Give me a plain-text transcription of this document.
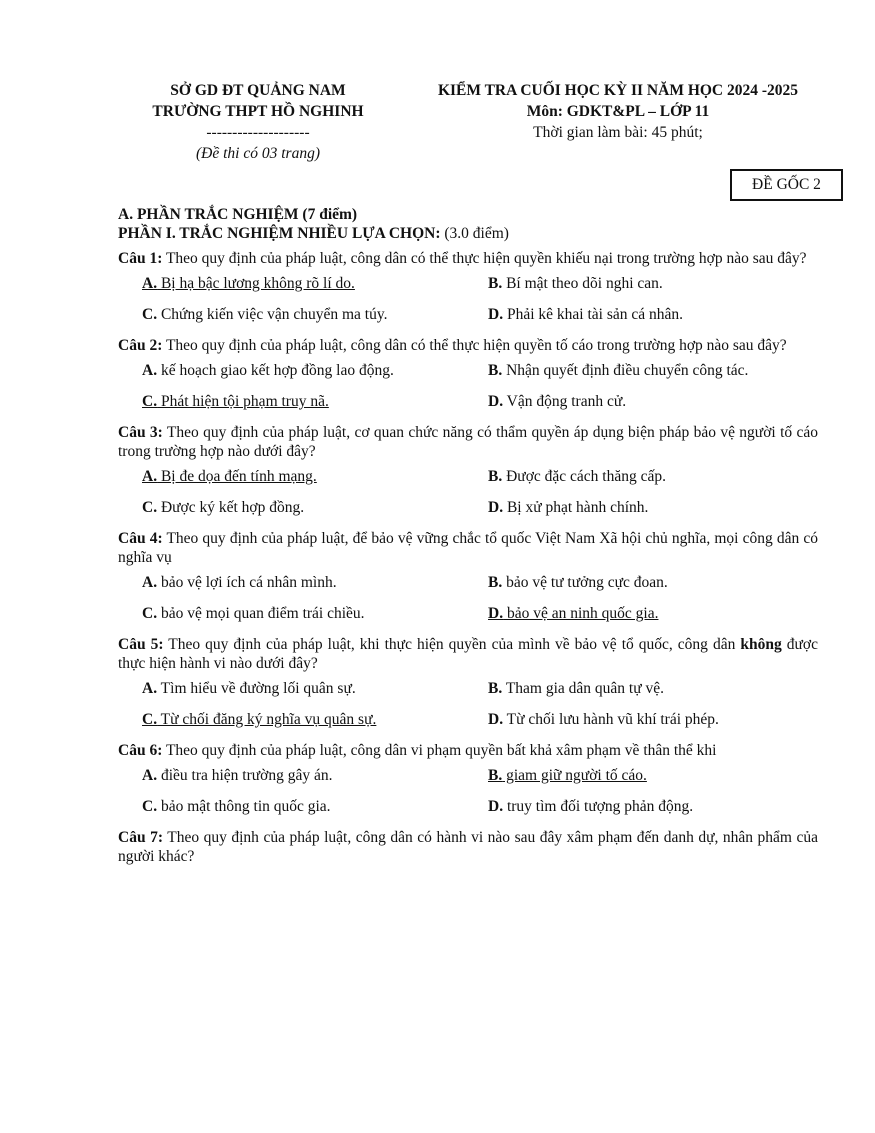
SỞ GD ĐT QUẢNG NAM
TRƯỜNG THPT HỒ NGHINH
--------------------
(Đề thi có 03 trang)
KIỂM TRA CUỐI HỌC KỲ II NĂM HỌC 2024 -2025
Môn: GDKT&PL – LỚP 11
Thời gian làm bài: 45 phút;
ĐỀ GỐC 2
A. PHẦN TRẮC NGHIỆM (7 điểm)
PHẦN I. TRẮC NGHIỆM NHIỀU LỰA CHỌN: (3.0 điểm)
Câu 1: Theo quy định của pháp luật, công dân có thể thực hiện quyền khiếu nại trong trường hợp nào sau đây?
A. Bị hạ bậc lương không rõ lí do.	B. Bí mật theo dõi nghi can.
C. Chứng kiến việc vận chuyển ma túy.	D. Phải kê khai tài sản cá nhân.
Câu 2: Theo quy định của pháp luật, công dân có thể thực hiện quyền tố cáo trong trường hợp nào sau đây?
A. kế hoạch giao kết hợp đồng lao động.	B. Nhận quyết định điều chuyển công tác.
C. Phát hiện tội phạm truy nã.	D. Vận động tranh cử.
Câu 3: Theo quy định của pháp luật, cơ quan chức năng có thẩm quyền áp dụng biện pháp bảo vệ người tố cáo trong trường hợp nào dưới đây?
A. Bị đe dọa đến tính mạng.	B. Được đặc cách thăng cấp.
C. Được ký kết hợp đồng.	D. Bị xử phạt hành chính.
Câu 4: Theo quy định của pháp luật, để bảo vệ vững chắc tổ quốc Việt Nam Xã hội chủ nghĩa, mọi công dân có nghĩa vụ
A. bảo vệ lợi ích cá nhân mình.	B. bảo vệ tư tưởng cực đoan.
C. bảo vệ mọi quan điểm trái chiều.	D. bảo vệ an ninh quốc gia.
Câu 5: Theo quy định của pháp luật, khi thực hiện quyền của mình về bảo vệ tổ quốc, công dân không được thực hiện hành vi nào dưới đây?
A. Tìm hiểu về đường lối quân sự.	B. Tham gia dân quân tự vệ.
C. Từ chối đăng ký nghĩa vụ quân sự.	D. Từ chối lưu hành vũ khí trái phép.
Câu 6: Theo quy định của pháp luật, công dân vi phạm quyền bất khả xâm phạm về thân thể khi
A. điều tra hiện trường gây án.	B. giam giữ người tố cáo.
C. bảo mật thông tin quốc gia.	D. truy tìm đối tượng phản động.
Câu 7: Theo quy định của pháp luật, công dân có hành vi nào sau đây xâm phạm đến danh dự, nhân phẩm của người khác?
